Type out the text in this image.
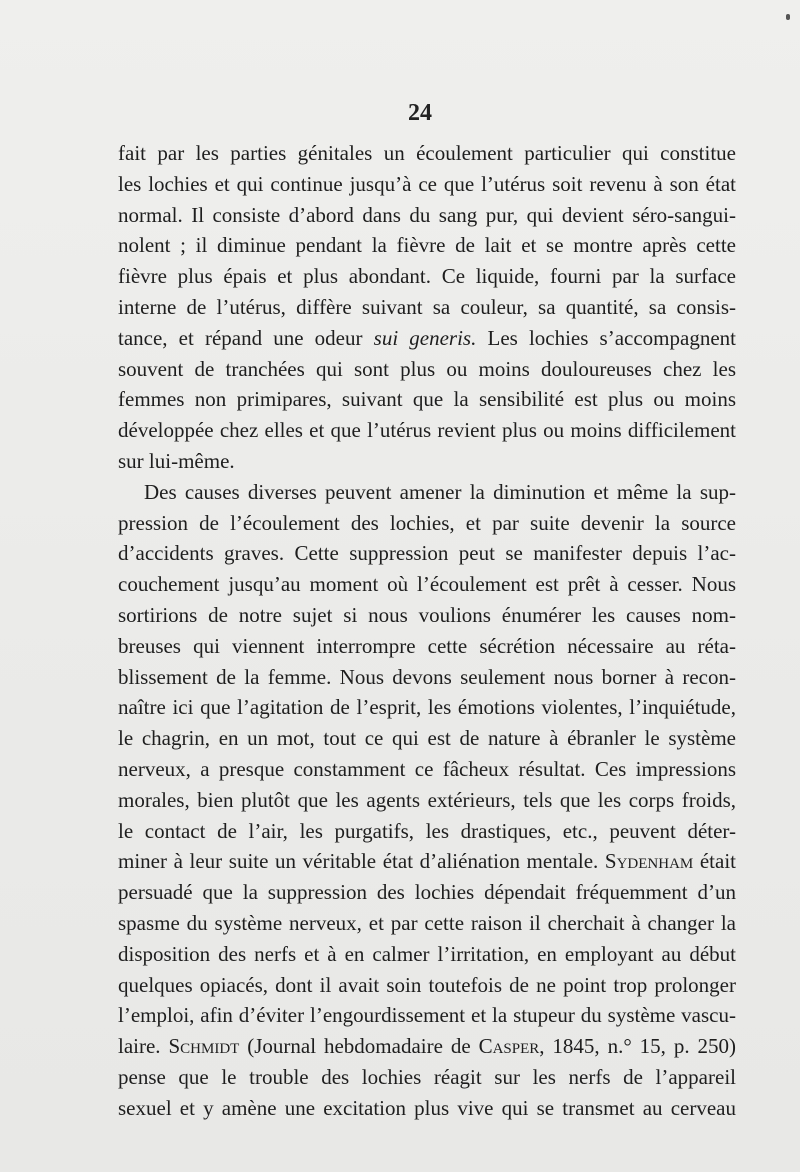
24
fait par les parties génitales un écoulement particulier qui constitue
les lochies et qui continue jusqu’à ce que l’utérus soit revenu à son état
normal. Il consiste d’abord dans du sang pur, qui devient séro-sangui-
nolent ; il diminue pendant la fièvre de lait et se montre après cette
fièvre plus épais et plus abondant. Ce liquide, fourni par la surface
interne de l’utérus, diffère suivant sa couleur, sa quantité, sa consis-
tance, et répand une odeur sui generis. Les lochies s’accompagnent
souvent de tranchées qui sont plus ou moins douloureuses chez les
femmes non primipares, suivant que la sensibilité est plus ou moins
développée chez elles et que l’utérus revient plus ou moins difficilement
sur lui-même.
Des causes diverses peuvent amener la diminution et même la sup-
pression de l’écoulement des lochies, et par suite devenir la source
d’accidents graves. Cette suppression peut se manifester depuis l’ac-
couchement jusqu’au moment où l’écoulement est prêt à cesser. Nous
sortirions de notre sujet si nous voulions énumérer les causes nom-
breuses qui viennent interrompre cette sécrétion nécessaire au réta-
blissement de la femme. Nous devons seulement nous borner à recon-
naître ici que l’agitation de l’esprit, les émotions violentes, l’inquiétude,
le chagrin, en un mot, tout ce qui est de nature à ébranler le système
nerveux, a presque constamment ce fâcheux résultat. Ces impressions
morales, bien plutôt que les agents extérieurs, tels que les corps froids,
le contact de l’air, les purgatifs, les drastiques, etc., peuvent déter-
miner à leur suite un véritable état d’aliénation mentale. Sydenham était
persuadé que la suppression des lochies dépendait fréquemment d’un
spasme du système nerveux, et par cette raison il cherchait à changer la
disposition des nerfs et à en calmer l’irritation, en employant au début
quelques opiacés, dont il avait soin toutefois de ne point trop prolonger
l’emploi, afin d’éviter l’engourdissement et la stupeur du système vascu-
laire. Schmidt (Journal hebdomadaire de Casper, 1845, n.° 15, p. 250)
pense que le trouble des lochies réagit sur les nerfs de l’appareil
sexuel et y amène une excitation plus vive qui se transmet au cerveau
